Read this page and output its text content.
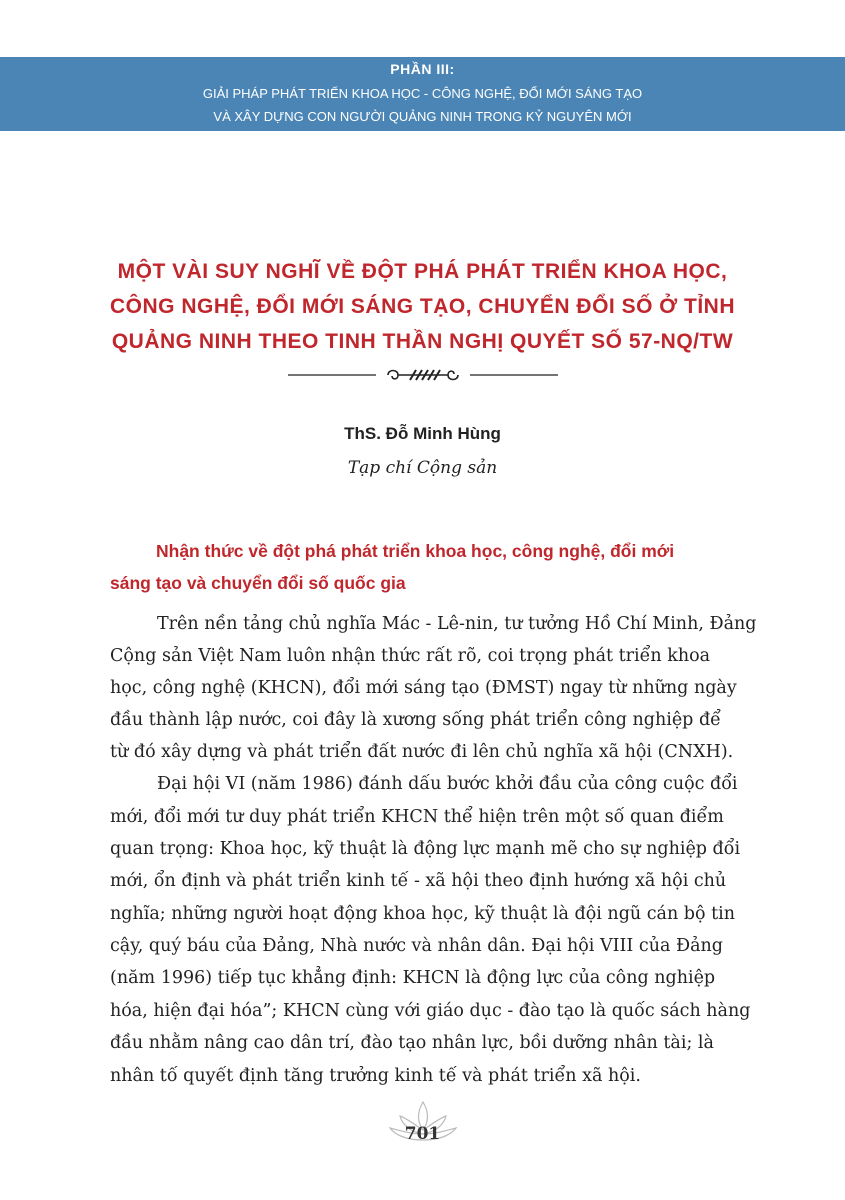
PHẦN III:
GIẢI PHÁP PHÁT TRIỂN KHOA HỌC - CÔNG NGHỆ, ĐỔI MỚI SÁNG TẠO
VÀ XÂY DỰNG CON NGƯỜI QUẢNG NINH TRONG KỶ NGUYÊN MỚI
MỘT VÀI SUY NGHĨ VỀ ĐỘT PHÁ PHÁT TRIỂN KHOA HỌC,
CÔNG NGHỆ, ĐỔI MỚI SÁNG TẠO, CHUYỂN ĐỔI SỐ Ở TỈNH
QUẢNG NINH THEO TINH THẦN NGHỊ QUYẾT SỐ 57-NQ/TW
ThS. Đỗ Minh Hùng
Tạp chí Cộng sản
Nhận thức về đột phá phát triển khoa học, công nghệ, đổi mới
sáng tạo và chuyển đổi số quốc gia
Trên nền tảng chủ nghĩa Mác - Lê-nin, tư tưởng Hồ Chí Minh, Đảng
Cộng sản Việt Nam luôn nhận thức rất rõ, coi trọng phát triển khoa
học, công nghệ (KHCN), đổi mới sáng tạo (ĐMST) ngay từ những ngày
đầu thành lập nước, coi đây là xương sống phát triển công nghiệp để
từ đó xây dựng và phát triển đất nước đi lên chủ nghĩa xã hội (CNXH).
Đại hội VI (năm 1986) đánh dấu bước khởi đầu của công cuộc đổi
mới, đổi mới tư duy phát triển KHCN thể hiện trên một số quan điểm
quan trọng: Khoa học, kỹ thuật là động lực mạnh mẽ cho sự nghiệp đổi
mới, ổn định và phát triển kinh tế - xã hội theo định hướng xã hội chủ
nghĩa; những người hoạt động khoa học, kỹ thuật là đội ngũ cán bộ tin
cậy, quý báu của Đảng, Nhà nước và nhân dân. Đại hội VIII của Đảng
(năm 1996) tiếp tục khẳng định: KHCN là động lực của công nghiệp
hóa, hiện đại hóa”; KHCN cùng với giáo dục - đào tạo là quốc sách hàng
đầu nhằm nâng cao dân trí, đào tạo nhân lực, bồi dưỡng nhân tài; là
nhân tố quyết định tăng trưởng kinh tế và phát triển xã hội.
701
